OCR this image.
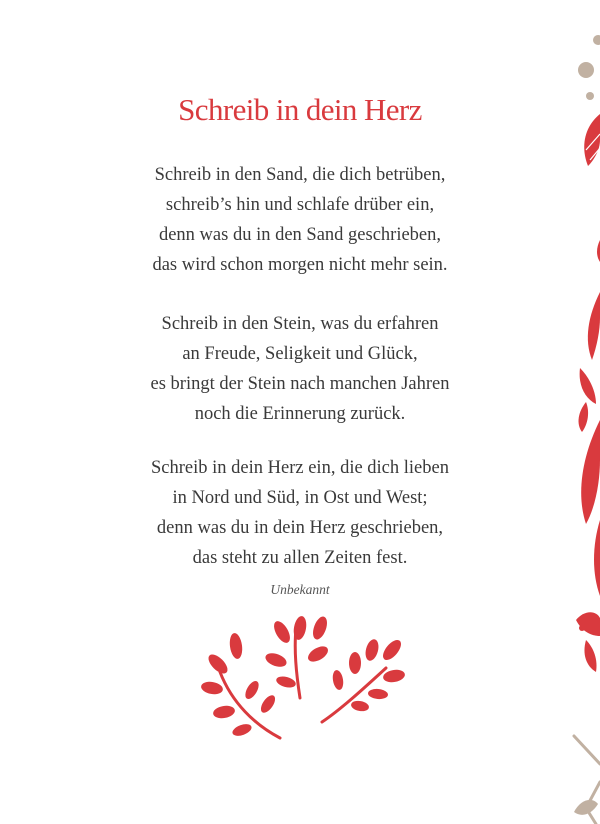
Schreib in dein Herz
Schreib in den Sand, die dich betrüben,
schreib’s hin und schlafe drüber ein,
denn was du in den Sand geschrieben,
das wird schon morgen nicht mehr sein.
Schreib in den Stein, was du erfahren
an Freude, Seligkeit und Glück,
es bringt der Stein nach manchen Jahren
noch die Erinnerung zurück.
Schreib in dein Herz ein, die dich lieben
in Nord und Süd, in Ost und West;
denn was du in dein Herz geschrieben,
das steht zu allen Zeiten fest.
Unbekannt
